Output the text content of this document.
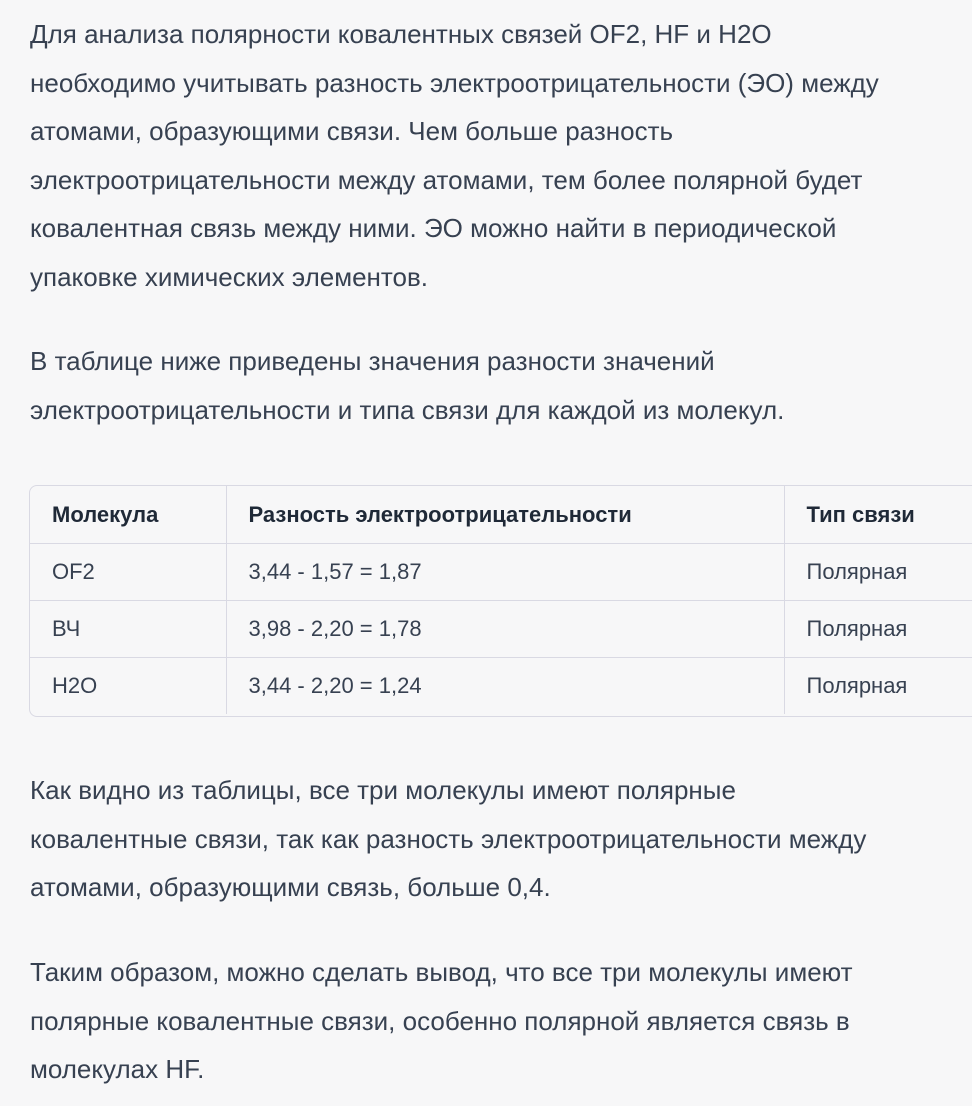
Для анализа полярности ковалентных связей OF2, HF и H2O
необходимо учитывать разность электроотрицательности (ЭО) между
атомами, образующими связи. Чем больше разность
электроотрицательности между атомами, тем более полярной будет
ковалентная связь между ними. ЭО можно найти в периодической
упаковке химических элементов.

В таблице ниже приведены значения разности значений
электроотрицательности и типа связи для каждой из молекул.

Молекула	Разность электроотрицательности	Тип связи
OF2	3,44 - 1,57 = 1,87	Полярная
ВЧ	3,98 - 2,20 = 1,78	Полярная
H2O	3,44 - 2,20 = 1,24	Полярная

Как видно из таблицы, все три молекулы имеют полярные
ковалентные связи, так как разность электроотрицательности между
атомами, образующими связь, больше 0,4.

Таким образом, можно сделать вывод, что все три молекулы имеют
полярные ковалентные связи, особенно полярной является связь в
молекулах HF.
